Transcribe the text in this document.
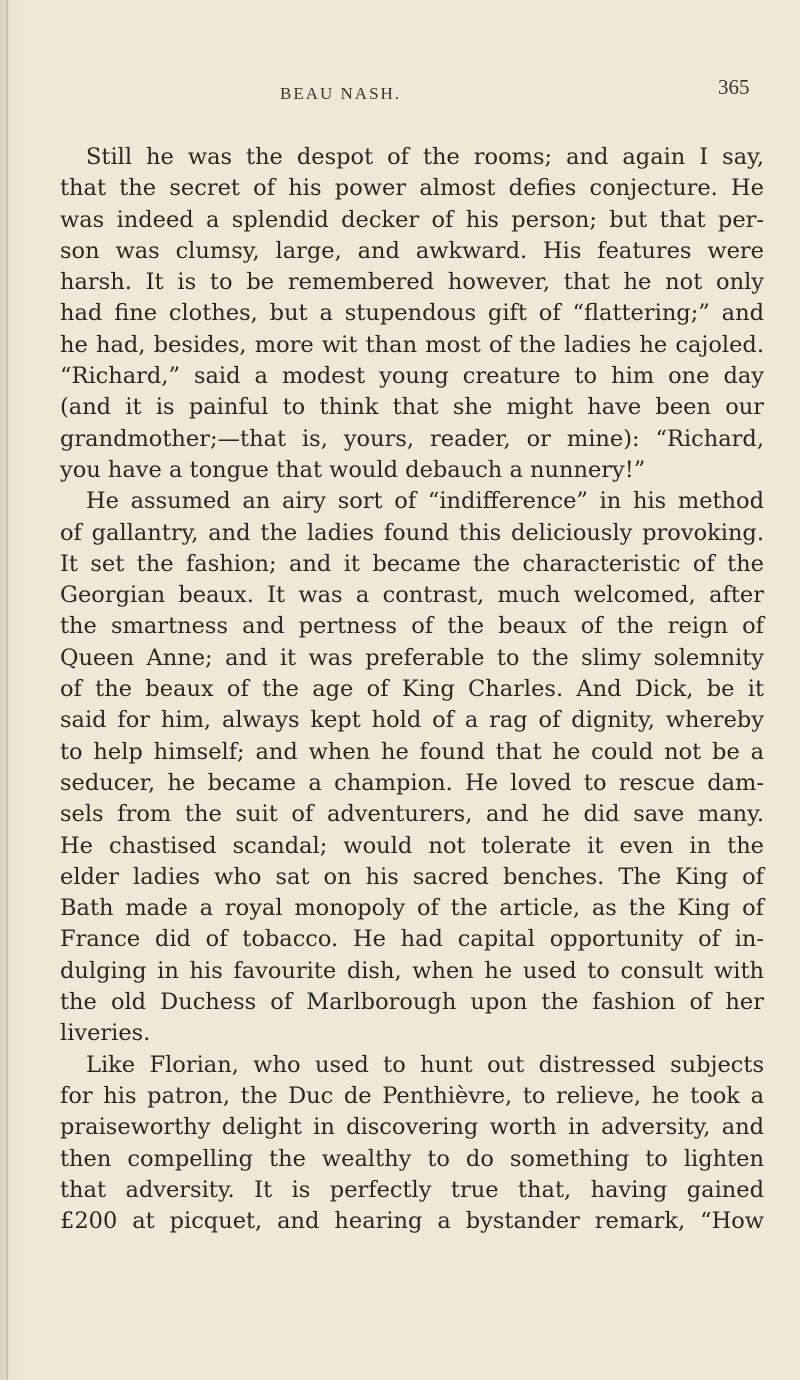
BEAU NASH.	365
Still he was the despot of the rooms; and again I say,
that the secret of his power almost defies conjecture. He
was indeed a splendid decker of his person; but that per-
son was clumsy, large, and awkward. His features were
harsh. It is to be remembered however, that he not only
had fine clothes, but a stupendous gift of “flattering;” and
he had, besides, more wit than most of the ladies he cajoled.
“Richard,” said a modest young creature to him one day
(and it is painful to think that she might have been our
grandmother;—that is, yours, reader, or mine): “Richard,
you have a tongue that would debauch a nunnery!”
He assumed an airy sort of “indifference” in his method
of gallantry, and the ladies found this deliciously provoking.
It set the fashion; and it became the characteristic of the
Georgian beaux. It was a contrast, much welcomed, after
the smartness and pertness of the beaux of the reign of
Queen Anne; and it was preferable to the slimy solemnity
of the beaux of the age of King Charles. And Dick, be it
said for him, always kept hold of a rag of dignity, whereby
to help himself; and when he found that he could not be a
seducer, he became a champion. He loved to rescue dam-
sels from the suit of adventurers, and he did save many.
He chastised scandal; would not tolerate it even in the
elder ladies who sat on his sacred benches. The King of
Bath made a royal monopoly of the article, as the King of
France did of tobacco. He had capital opportunity of in-
dulging in his favourite dish, when he used to consult with
the old Duchess of Marlborough upon the fashion of her
liveries.
Like Florian, who used to hunt out distressed subjects
for his patron, the Duc de Penthièvre, to relieve, he took a
praiseworthy delight in discovering worth in adversity, and
then compelling the wealthy to do something to lighten
that adversity. It is perfectly true that, having gained
£200 at picquet, and hearing a bystander remark, “How
